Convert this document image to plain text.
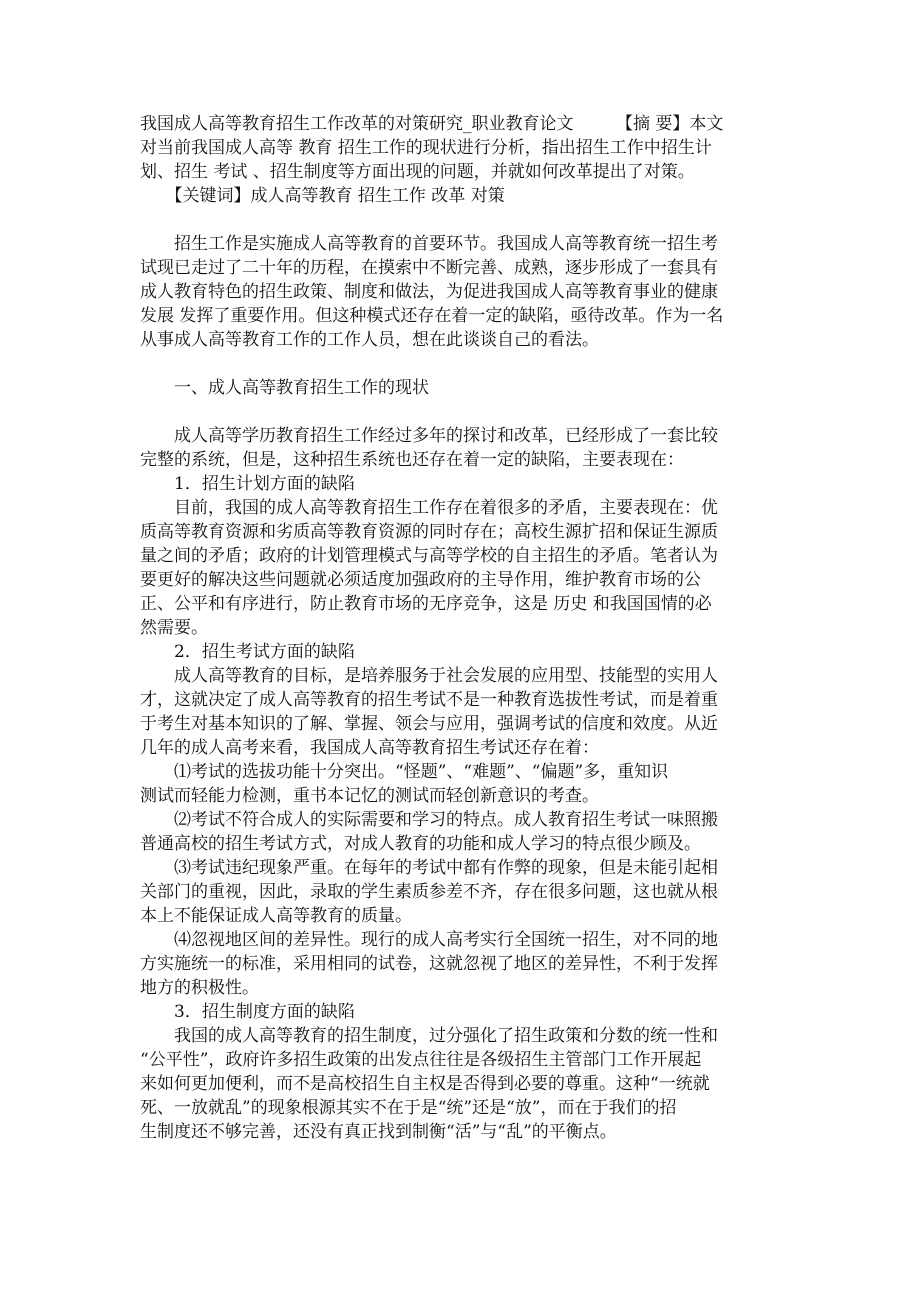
我国成人高等教育招生工作改革的对策研究_职业教育论文　　　【摘 要】本文
对当前我国成人高等 教育 招生工作的现状进行分析，指出招生工作中招生计
划、招生 考试 、招生制度等方面出现的问题，并就如何改革提出了对策。
　　【关键词】成人高等教育 招生工作 改革 对策
　　招生工作是实施成人高等教育的首要环节。我国成人高等教育统一招生考
试现已走过了二十年的历程，在摸索中不断完善、成熟，逐步形成了一套具有
成人教育特色的招生政策、制度和做法，为促进我国成人高等教育事业的健康
发展 发挥了重要作用。但这种模式还存在着一定的缺陷，亟待改革。作为一名
从事成人高等教育工作的工作人员，想在此谈谈自己的看法。
　　一、成人高等教育招生工作的现状
　　成人高等学历教育招生工作经过多年的探讨和改革，已经形成了一套比较
完整的系统，但是，这种招生系统也还存在着一定的缺陷，主要表现在：
　　1．招生计划方面的缺陷
　　目前，我国的成人高等教育招生工作存在着很多的矛盾，主要表现在：优
质高等教育资源和劣质高等教育资源的同时存在；高校生源扩招和保证生源质
量之间的矛盾；政府的计划管理模式与高等学校的自主招生的矛盾。笔者认为
要更好的解决这些问题就必须适度加强政府的主导作用，维护教育市场的公
正、公平和有序进行，防止教育市场的无序竞争，这是 历史 和我国国情的必
然需要。
　　2．招生考试方面的缺陷
　　成人高等教育的目标，是培养服务于社会发展的应用型、技能型的实用人
才，这就决定了成人高等教育的招生考试不是一种教育选拔性考试，而是着重
于考生对基本知识的了解、掌握、领会与应用，强调考试的信度和效度。从近
几年的成人高考来看，我国成人高等教育招生考试还存在着：
　　⑴考试的选拔功能十分突出。“怪题”、“难题”、“偏题”多，重知识
测试而轻能力检测，重书本记忆的测试而轻创新意识的考查。
　　⑵考试不符合成人的实际需要和学习的特点。成人教育招生考试一味照搬
普通高校的招生考试方式，对成人教育的功能和成人学习的特点很少顾及。
　　⑶考试违纪现象严重。在每年的考试中都有作弊的现象，但是未能引起相
关部门的重视，因此，录取的学生素质参差不齐，存在很多问题，这也就从根
本上不能保证成人高等教育的质量。
　　⑷忽视地区间的差异性。现行的成人高考实行全国统一招生，对不同的地
方实施统一的标准，采用相同的试卷，这就忽视了地区的差异性，不利于发挥
地方的积极性。
　　3．招生制度方面的缺陷
　　我国的成人高等教育的招生制度，过分强化了招生政策和分数的统一性和
“公平性”，政府许多招生政策的出发点往往是各级招生主管部门工作开展起
来如何更加便利，而不是高校招生自主权是否得到必要的尊重。这种“一统就
死、一放就乱”的现象根源其实不在于是“统”还是“放”，而在于我们的招
生制度还不够完善，还没有真正找到制衡“活”与“乱”的平衡点。
